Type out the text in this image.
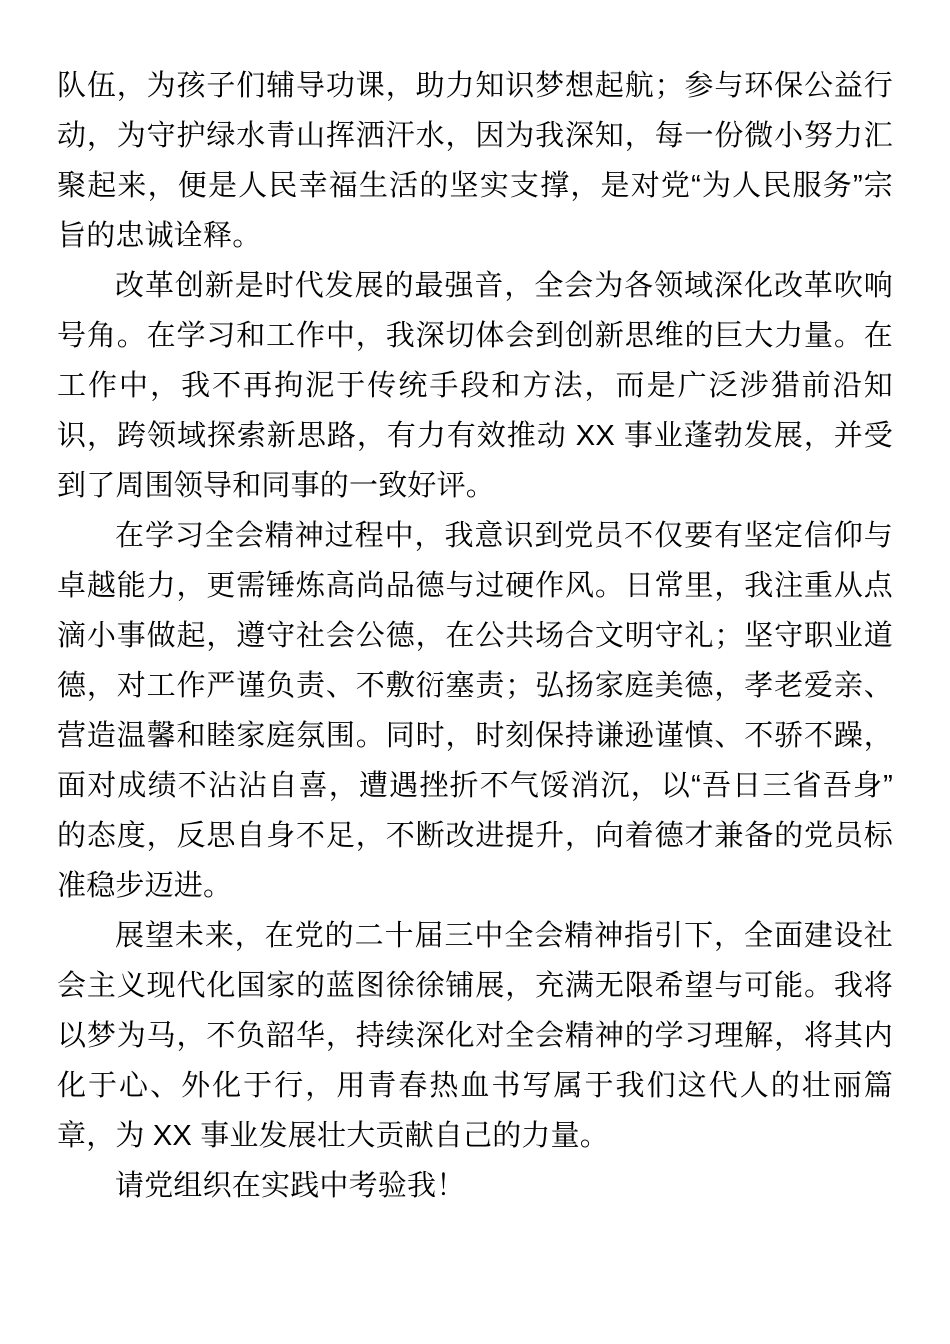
队伍，为孩子们辅导功课，助力知识梦想起航；参与环保公益行动，为守护绿水青山挥洒汗水，因为我深知，每一份微小努力汇聚起来，便是人民幸福生活的坚实支撑，是对党“为人民服务”宗旨的忠诚诠释。

改革创新是时代发展的最强音，全会为各领域深化改革吹响号角。在学习和工作中，我深切体会到创新思维的巨大力量。在工作中，我不再拘泥于传统手段和方法，而是广泛涉猎前沿知识，跨领域探索新思路，有力有效推动 XX 事业蓬勃发展，并受到了周围领导和同事的一致好评。

在学习全会精神过程中，我意识到党员不仅要有坚定信仰与卓越能力，更需锤炼高尚品德与过硬作风。日常里，我注重从点滴小事做起，遵守社会公德，在公共场合文明守礼；坚守职业道德，对工作严谨负责、不敷衍塞责；弘扬家庭美德，孝老爱亲、营造温馨和睦家庭氛围。同时，时刻保持谦逊谨慎、不骄不躁，面对成绩不沾沾自喜，遭遇挫折不气馁消沉，以“吾日三省吾身”的态度，反思自身不足，不断改进提升，向着德才兼备的党员标准稳步迈进。

展望未来，在党的二十届三中全会精神指引下，全面建设社会主义现代化国家的蓝图徐徐铺展，充满无限希望与可能。我将以梦为马，不负韶华，持续深化对全会精神的学习理解，将其内化于心、外化于行，用青春热血书写属于我们这代人的壮丽篇章，为 XX 事业发展壮大贡献自己的力量。

请党组织在实践中考验我！
